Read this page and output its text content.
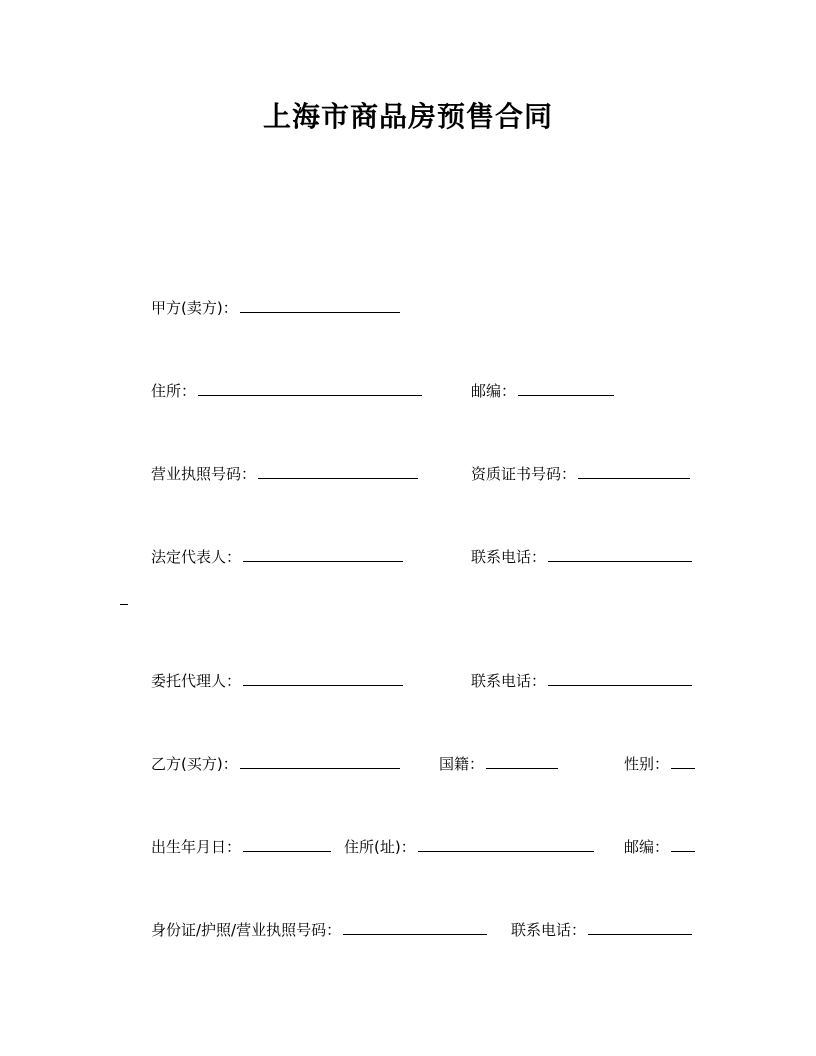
上海市商品房预售合同
甲方(卖方)：
住所：	邮编：
营业执照号码：	资质证书号码：
法定代表人：	联系电话：
委托代理人：	联系电话：
乙方(买方)：	国籍：	性别：
出生年月日：	住所(址)：	邮编：
身份证/护照/营业执照号码：	联系电话：
